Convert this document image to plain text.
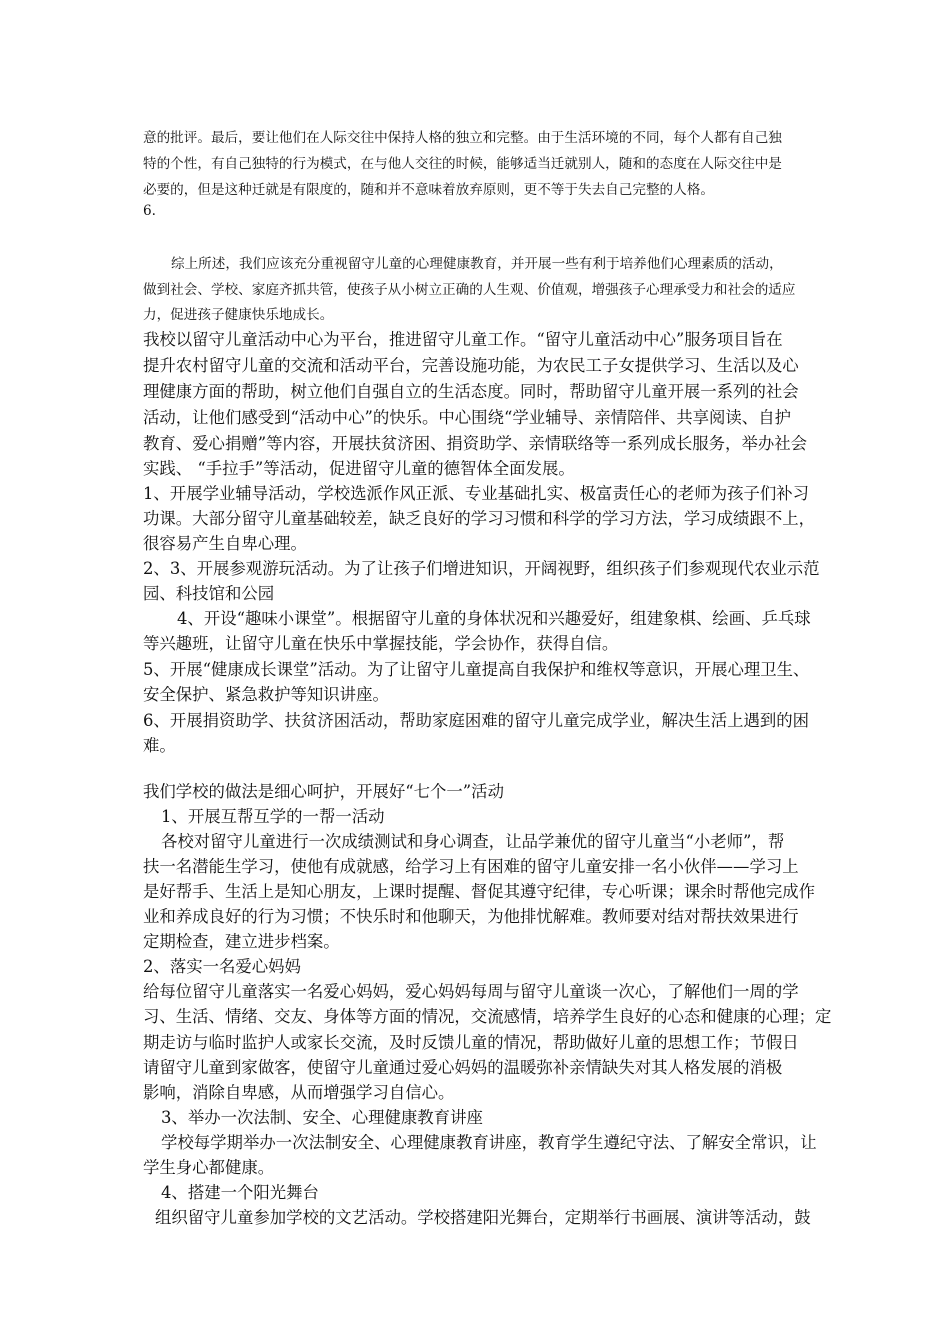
意的批评。最后，要让他们在人际交往中保持人格的独立和完整。由于生活环境的不同，每个人都有自己独
特的个性，有自己独特的行为模式，在与他人交往的时候，能够适当迁就别人，随和的态度在人际交往中是
必要的，但是这种迁就是有限度的，随和并不意味着放弃原则，更不等于失去自己完整的人格。
6.
综上所述，我们应该充分重视留守儿童的心理健康教育，并开展一些有利于培养他们心理素质的活动，
做到社会、学校、家庭齐抓共管，使孩子从小树立正确的人生观、价值观，增强孩子心理承受力和社会的适应
力，促进孩子健康快乐地成长。
我校以留守儿童活动中心为平台，推进留守儿童工作。“留守儿童活动中心”服务项目旨在
提升农村留守儿童的交流和活动平台，完善设施功能，为农民工子女提供学习、生活以及心
理健康方面的帮助，树立他们自强自立的生活态度。同时，帮助留守儿童开展一系列的社会
活动，让他们感受到“活动中心”的快乐。中心围绕“学业辅导、亲情陪伴、共享阅读、自护
教育、爱心捐赠”等内容，开展扶贫济困、捐资助学、亲情联络等一系列成长服务，举办社会
实践、 “手拉手”等活动，促进留守儿童的德智体全面发展。
1、开展学业辅导活动，学校选派作风正派、专业基础扎实、极富责任心的老师为孩子们补习
功课。大部分留守儿童基础较差，缺乏良好的学习习惯和科学的学习方法，学习成绩跟不上，
很容易产生自卑心理。
2、3、开展参观游玩活动。为了让孩子们增进知识，开阔视野，组织孩子们参观现代农业示范
园、科技馆和公园
4、开设“趣味小课堂”。根据留守儿童的身体状况和兴趣爱好，组建象棋、绘画、乒乓球
等兴趣班，让留守儿童在快乐中掌握技能，学会协作，获得自信。
5、开展“健康成长课堂”活动。为了让留守儿童提高自我保护和维权等意识，开展心理卫生、
安全保护、紧急救护等知识讲座。
6、开展捐资助学、扶贫济困活动，帮助家庭困难的留守儿童完成学业，解决生活上遇到的困
难。
我们学校的做法是细心呵护，开展好“七个一”活动
1、开展互帮互学的一帮一活动
各校对留守儿童进行一次成绩测试和身心调查，让品学兼优的留守儿童当“小老师”，帮
扶一名潜能生学习，使他有成就感，给学习上有困难的留守儿童安排一名小伙伴——学习上
是好帮手、生活上是知心朋友，上课时提醒、督促其遵守纪律，专心听课；课余时帮他完成作
业和养成良好的行为习惯；不快乐时和他聊天，为他排忧解难。教师要对结对帮扶效果进行
定期检查，建立进步档案。
2、落实一名爱心妈妈
给每位留守儿童落实一名爱心妈妈，爱心妈妈每周与留守儿童谈一次心，了解他们一周的学
习、生活、情绪、交友、身体等方面的情况，交流感情，培养学生良好的心态和健康的心理；定
期走访与临时监护人或家长交流，及时反馈儿童的情况，帮助做好儿童的思想工作；节假日
请留守儿童到家做客，使留守儿童通过爱心妈妈的温暖弥补亲情缺失对其人格发展的消极
影响，消除自卑感，从而增强学习自信心。
3、举办一次法制、安全、心理健康教育讲座
学校每学期举办一次法制安全、心理健康教育讲座，教育学生遵纪守法、了解安全常识，让
学生身心都健康。
4、搭建一个阳光舞台
组织留守儿童参加学校的文艺活动。学校搭建阳光舞台，定期举行书画展、演讲等活动，鼓
